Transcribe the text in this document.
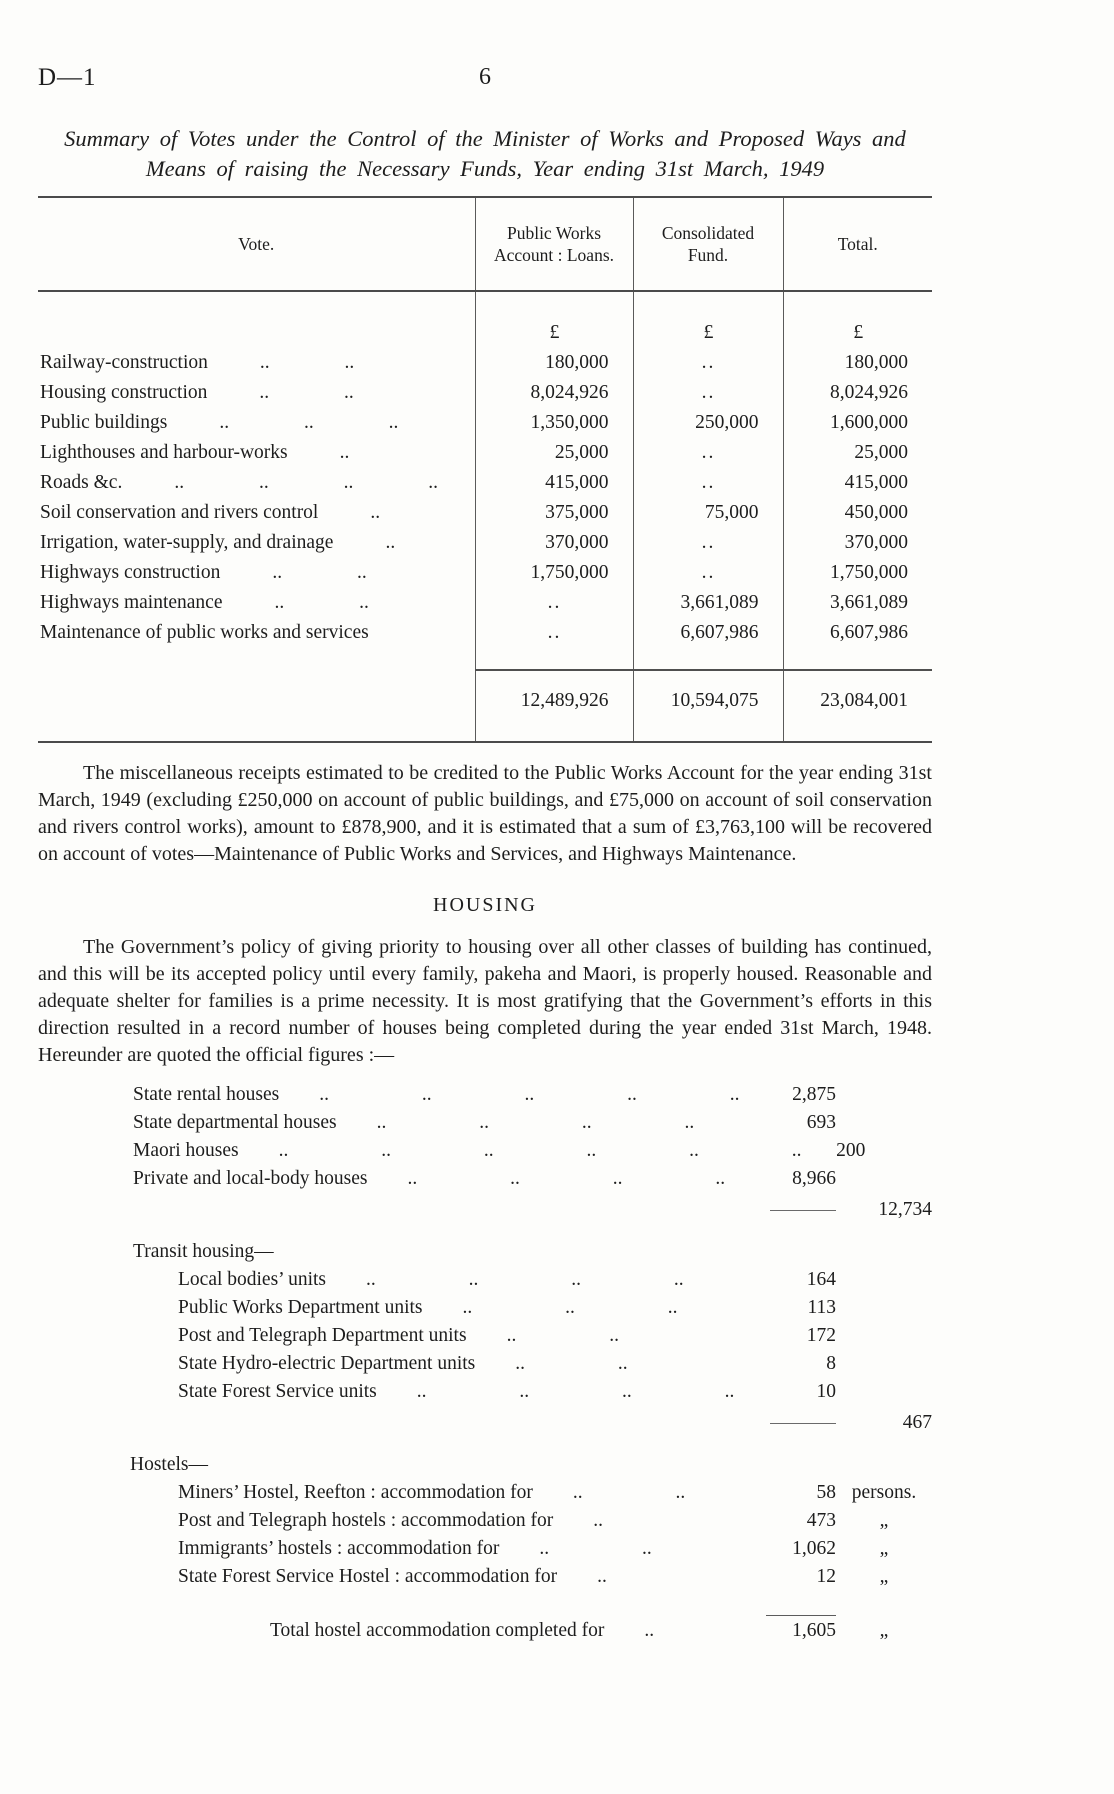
D—1	6
Summary of Votes under the Control of the Minister of Works and Proposed Ways and
Means of raising the Necessary Funds, Year ending 31st March, 1949
Vote.	Public Works Account : Loans.	Consolidated Fund.	Total.
	£	£	£

Railway-construction .. ..	180,000	..	180,000

Housing construction .. ..	8,024,926	..	8,024,926

Public buildings .. .. ..	1,350,000	250,000	1,600,000

Lighthouses and harbour-works ..	25,000	..	25,000

Roads &c. .. .. .. ..	415,000	..	415,000

Soil conservation and rivers control ..	375,000	75,000	450,000

Irrigation, water-supply, and drainage ..	370,000	..	370,000

Highways construction .. ..	1,750,000	..	1,750,000

Highways maintenance .. ..	..	3,661,089	3,661,089

Maintenance of public works and services	..	6,607,986	6,607,986
	12,489,926	10,594,075	23,084,001

The miscellaneous receipts estimated to be credited to the Public Works Account for the year ending 31st March, 1949 (excluding £250,000 on account of public buildings, and £75,000 on account of soil conservation and rivers control works), amount to £878,900, and it is estimated that a sum of £3,763,100 will be recovered on account of votes—Maintenance of Public Works and Services, and Highways Maintenance.

HOUSING

The Government’s policy of giving priority to housing over all other classes of building has continued, and this will be its accepted policy until every family, pakeha and Maori, is properly housed. Reasonable and adequate shelter for families is a prime necessity. It is most gratifying that the Government’s efforts in this direction resulted in a record number of houses being completed during the year ended 31st March, 1948. Hereunder are quoted the official figures :—

State rental houses	.. .. .. .. ..	2,875
State departmental houses	.. .. .. ..	693
Maori houses	.. .. .. .. .. ..	200
Private and local-body houses	.. .. .. ..	8,966
12,734
Transit housing—
Local bodies’ units	.. .. .. ..	164
Public Works Department units	.. .. ..	113
Post and Telegraph Department units	.. ..	172
State Hydro-electric Department units	.. ..	8
State Forest Service units	.. .. .. ..	10
467
Hostels—
Miners’ Hostel, Reefton : accommodation for	.. ..	58 persons.
Post and Telegraph hostels : accommodation for	..	473	„
Immigrants’ hostels : accommodation for	.. ..	1,062	„
State Forest Service Hostel : accommodation for	..	12	„
Total hostel accommodation completed for	..	1,605	„
